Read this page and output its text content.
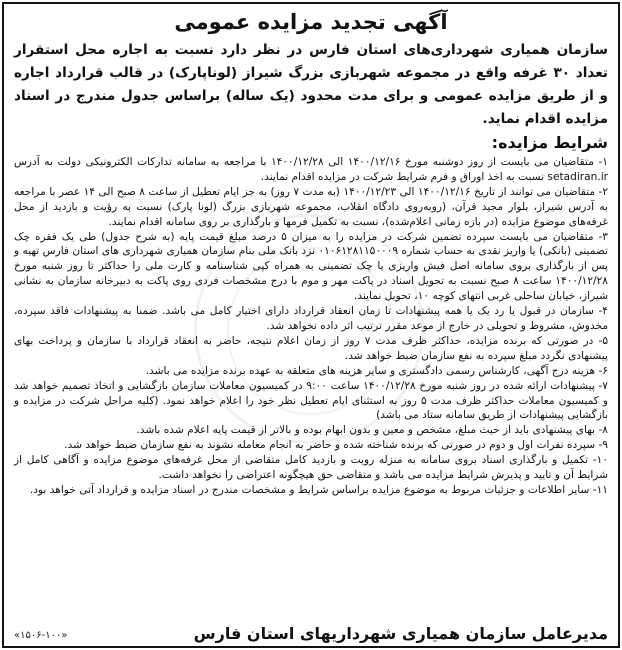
آگهی تجدید مزایده عمومی
سازمان همیاری شهرداری‌های استان فارس در نظر دارد نسبت به اجاره محل استقرار تعداد ۳۰ غرفه واقع در مجموعه شهربازی بزرگ شیراز (لوناپارک) در قالب قرارداد اجاره و از طریق مزایده عمومی و برای مدت محدود (یک ساله) براساس جدول مندرج در اسناد مزایده اقدام نماید.
شرایط مزایده:
۱- متقاضیان می بایست از روز دوشنبه مورخ ۱۴۰۰/۱۲/۱۶ الی ۱۴۰۰/۱۲/۲۸ با مراجعه به سامانه تدارکات الکترونیکی دولت به آدرس setadiran.ir نسبت به اخذ اوراق و فرم شرایط شرکت در مزایده اقدام نمایند.
۲- متقاضیان می توانند از تاریخ ۱۴۰۰/۱۲/۱۶ الی ۱۴۰۰/۱۲/۲۳ (به مدت ۷ روز) به جز ایام تعطیل از ساعت ۸ صبح الی ۱۴ عصر با مراجعه به آدرس شیراز، بلوار مجید قرآن، (روبه‌روی دادگاه انقلاب، مجموعه شهربازی بزرگ (لونا پارک) نسبت به رؤیت و بازدید از محل غرفه‌های موضوع مزایده (در بازه زمانی اعلام‌شده)، نسبت به تکمیل فرمها و بارگذاری بر روی سامانه اقدام نمایند.
۳- متقاضیان می بایست سپرده تضمین شرکت در مزایده را به میزان ۵ درصد مبلغ قیمت پایه (به شرح جدول) طی یک فقره چک تضمینی (بانکی) یا واریز نقدی به حساب شماره ۰۱۰۶۱۲۸۱۱۵۰۰۰۹ نزد بانک ملی بنام سازمان همیاری شهرداری های استان فارس تهیه و پس از بارگذاری بروی سامانه اصل فیش واریزی یا چک تضمینی به همراه کپی شناسنامه و کارت ملی را حداکثر تا روز شنبه مورخ ۱۴۰۰/۱۲/۲۸ ساعت ۸ صبح نسبت به تحویل اسناد در پاکت مهر و موم با درج مشخصات فردی روی پاکت به دبیرخانه سازمان به نشانی شیراز، خیابان ساحلی غربی انتهای کوچه ۱۰، تحویل نمایند.
۴- سازمان در قبول یا رد یک یا همه پیشنهادات تا زمان انعقاد قرارداد دارای اختیار کامل می باشد. ضمنا به پیشنهادات فاقد سپرده، مخدوش، مشروط و تحویلی در خارج از موعد مقرر ترتیب اثر داده نخواهد شد.
۵- در صورتی که برنده مزایده، حداکثر ظرف مدت ۷ روز از زمان اعلام نتیجه، حاضر به انعقاد قرارداد با سازمان و پرداخت بهای پیشنهادی نگردد مبلغ سپرده به نفع سازمان ضبط خواهد شد.
۶- هزینه درج آگهی، کارشناس رسمی دادگستری و سایر هزینه های متعلقه به عهده برنده مزایده می باشد.
۷- پیشنهادات ارائه شده در روز شنبه مورخ ۱۴۰۰/۱۲/۲۸ ساعت ۹:۰۰ در کمیسیون معاملات سازمان بازگشایی و اتخاذ تصمیم خواهد شد و کمیسیون معاملات حداکثر ظرف مدت ۵ روز به استثنای ایام تعطیل نظر خود را اعلام خواهد نمود. (کلیه مراحل شرکت در مزایده و بازگشایی پیشنهادات از طریق سامانه ستاد می باشد)
۸- بهای پیشنهادی باید از حیث مبلغ، مشخص و معین و بدون ابهام بوده و بالاتر از قیمت پایه اعلام شده باشد.
۹- سپرده نفرات اول و دوم در صورتی که برنده شناخته شده و حاضر به انجام معامله نشوند به نفع سازمان ضبط خواهد شد.
۱۰- تکمیل و بارگذاری اسناد بروی سامانه به منزله رویت و بازدید کامل متقاضی از محل غرفه‌های موضوع مزایده و آگاهی کامل از شرایط آن و تایید و پذیرش شرایط مزایده می باشد و متقاضی حق هیچگونه اعتراضی را نخواهد داشت.
۱۱- سایر اطلاعات و جزئیات مربوط به موضوع مزایده براساس شرایط و مشخصات مندرج در اسناد مزایده و قرارداد آتی خواهد بود.
مدیرعامل سازمان همیاری شهرداریهای استان فارس
«۱۵۰۶-۱۰۰»
